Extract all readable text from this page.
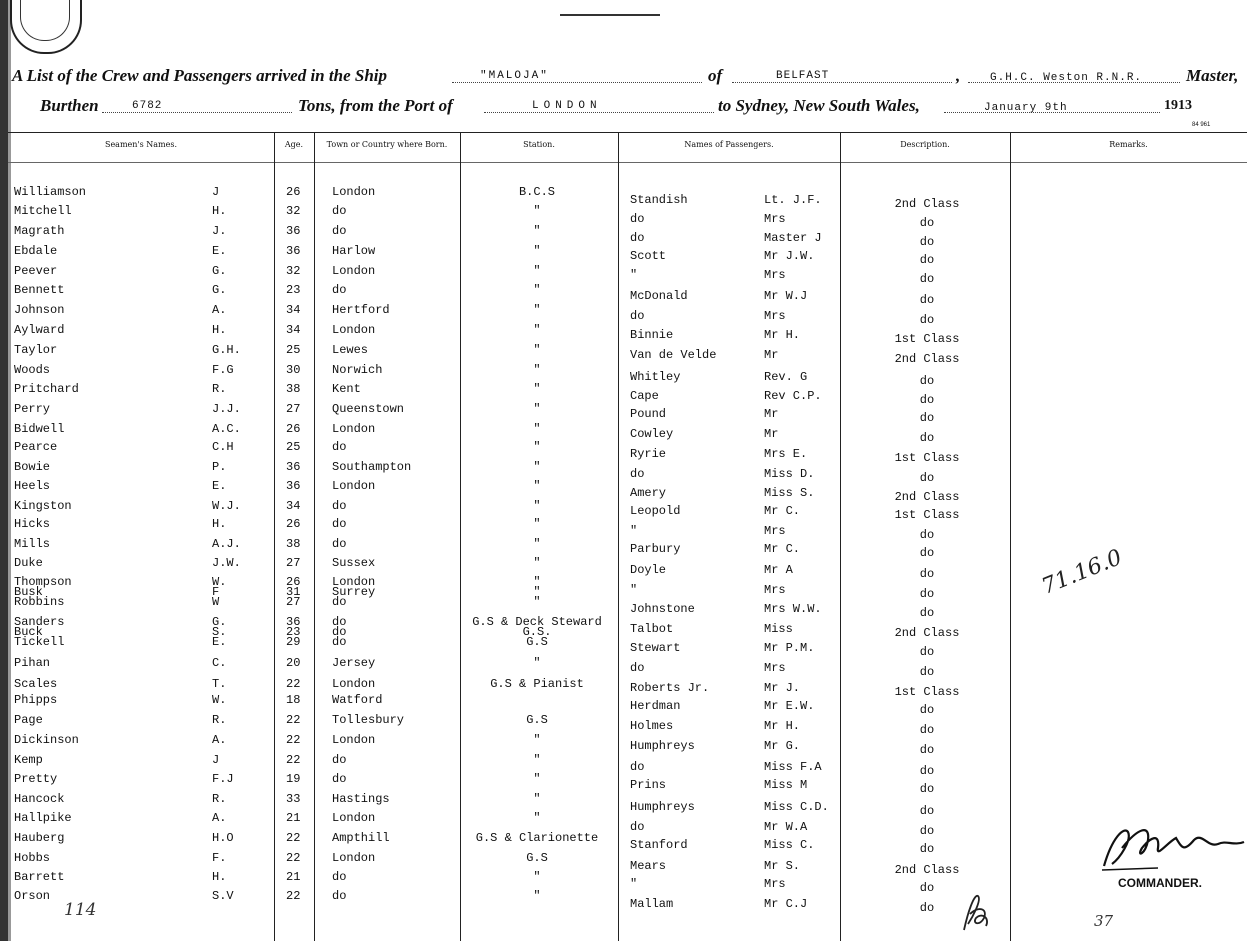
A List of the Crew and Passengers arrived in the Ship	"MALOJA"	of	BELFAST	,	G.H.C. Weston R.N.R.	Master,
Burthen	6782	Tons, from the Port of	LONDON	to Sydney, New South Wales,	January 9th	1913
84 961
Seamen's Names.	Age.	Town or Country where Born.	Station.	Names of Passengers.	Description.	Remarks.
Williamson	J	26	London	B.C.S
Mitchell	H.	32	do	"
Magrath	J.	36	do	"
Ebdale	E.	36	Harlow	"
Peever	G.	32	London	"
Bennett	G.	23	do	"
Johnson	A.	34	Hertford	"
Aylward	H.	34	London	"
Taylor	G.H.	25	Lewes	"
Woods	F.G	30	Norwich	"
Pritchard	R.	38	Kent	"
Perry	J.J.	27	Queenstown	"
Bidwell	A.C.	26	London	"
Pearce	C.H	25	do	"
Bowie	P.	36	Southampton	"
Heels	E.	36	London	"
Kingston	W.J.	34	do	"
Hicks	H.	26	do	"
Mills	A.J.	38	do	"
Duke	J.W.	27	Sussex	"
Thompson	W.	26	London	"
Busk	F	31	Surrey	"
Robbins	W	27	do	"
Sanders	G.	36	do	G.S & Deck Steward
Buck	S.	23	do	G.S.
Tickell	E.	29	do	G.S
Pihan	C.	20	Jersey	"
Scales	T.	22	London	G.S & Pianist
Phipps	W.	18	Watford
Page	R.	22	Tollesbury	G.S
Dickinson	A.	22	London	"
Kemp	J	22	do	"
Pretty	F.J	19	do	"
Hancock	R.	33	Hastings	"
Hallpike	A.	21	London	"
Hauberg	H.O	22	Ampthill	G.S & Clarionette
Hobbs	F.	22	London	G.S
Barrett	H.	21	do	"
Orson	S.V	22	do	"
Standish	Lt. J.F.	2nd Class
do	Mrs	do
do	Master J	do
Scott	Mr J.W.	do
"	Mrs	do
McDonald	Mr W.J	do
do	Mrs	do
Binnie	Mr H.	1st Class
Van de Velde	Mr	2nd Class
Whitley	Rev. G	do
Cape	Rev C.P.	do
Pound	Mr	do
Cowley	Mr	do
Ryrie	Mrs E.	1st Class
do	Miss D.	do
Amery	Miss S.	2nd Class
Leopold	Mr C.	1st Class
"	Mrs	do
Parbury	Mr C.	do
Doyle	Mr A	do
"	Mrs	do
Johnstone	Mrs W.W.	do
Talbot	Miss	2nd Class
Stewart	Mr P.M.	do
do	Mrs	do
Roberts Jr.	Mr J.	1st Class
Herdman	Mr E.W.	do
Holmes	Mr H.	do
Humphreys	Mr G.	do
do	Miss F.A	do
Prins	Miss M	do
Humphreys	Miss C.D.	do
do	Mr W.A	do
Stanford	Miss C.	do
Mears	Mr S.	2nd Class
"	Mrs	do
Mallam	Mr C.J	do
71.16.0
COMMANDER.
114
37
